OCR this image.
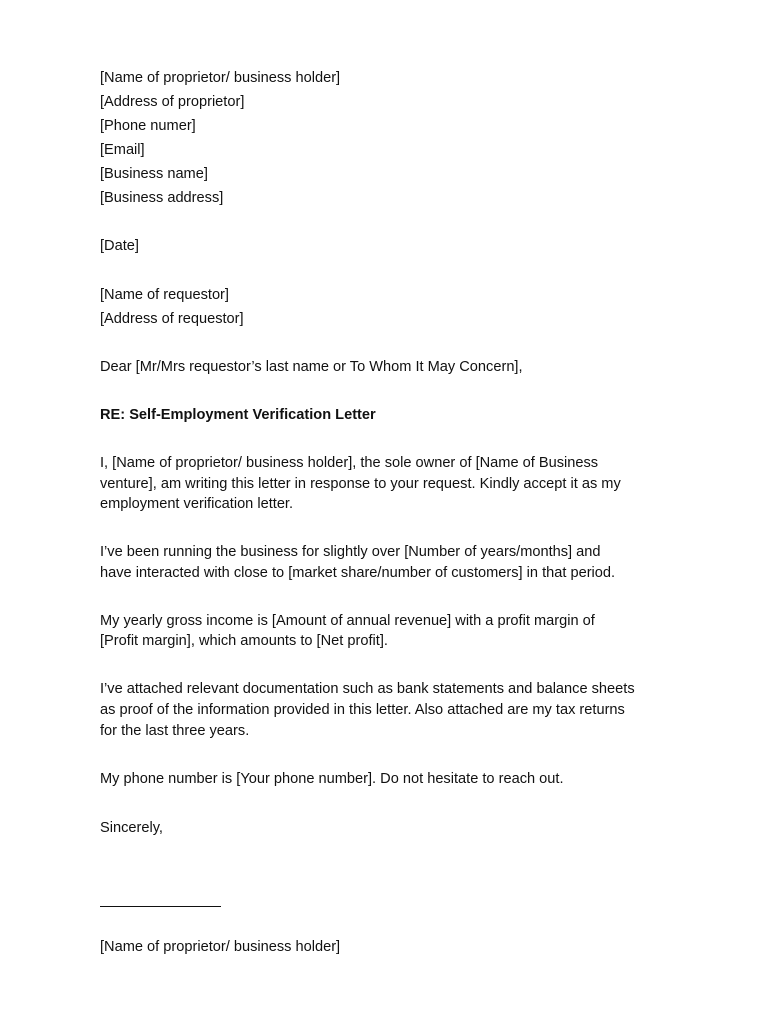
[Name of proprietor/ business holder]
[Address of proprietor]
[Phone numer]
[Email]
[Business name]
[Business address]
[Date]
[Name of requestor]
[Address of requestor]
Dear [Mr/Mrs requestor’s last name or To Whom It May Concern],
RE: Self-Employment Verification Letter
I, [Name of proprietor/ business holder], the sole owner of [Name of Business
venture], am writing this letter in response to your request. Kindly accept it as my
employment verification letter.
I’ve been running the business for slightly over [Number of years/months] and
have interacted with close to [market share/number of customers] in that period.
My yearly gross income is [Amount of annual revenue] with a profit margin of
[Profit margin], which amounts to [Net profit].
I’ve attached relevant documentation such as bank statements and balance sheets
as proof of the information provided in this letter. Also attached are my tax returns
for the last three years.
My phone number is [Your phone number]. Do not hesitate to reach out.
Sincerely,
[Name of proprietor/ business holder]
